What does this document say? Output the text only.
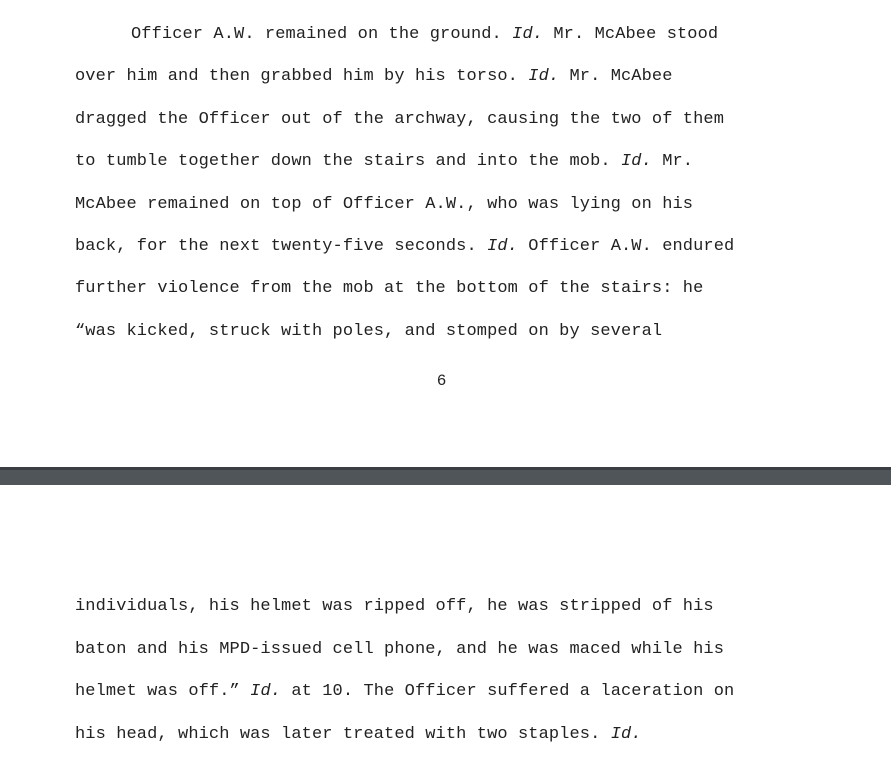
Officer A.W. remained on the ground. Id. Mr. McAbee stood
over him and then grabbed him by his torso. Id. Mr. McAbee
dragged the Officer out of the archway, causing the two of them
to tumble together down the stairs and into the mob. Id. Mr.
McAbee remained on top of Officer A.W., who was lying on his
back, for the next twenty-five seconds. Id. Officer A.W. endured
further violence from the mob at the bottom of the stairs: he
“was kicked, struck with poles, and stomped on by several
6
individuals, his helmet was ripped off, he was stripped of his
baton and his MPD-issued cell phone, and he was maced while his
helmet was off.” Id. at 10. The Officer suffered a laceration on
his head, which was later treated with two staples. Id.
